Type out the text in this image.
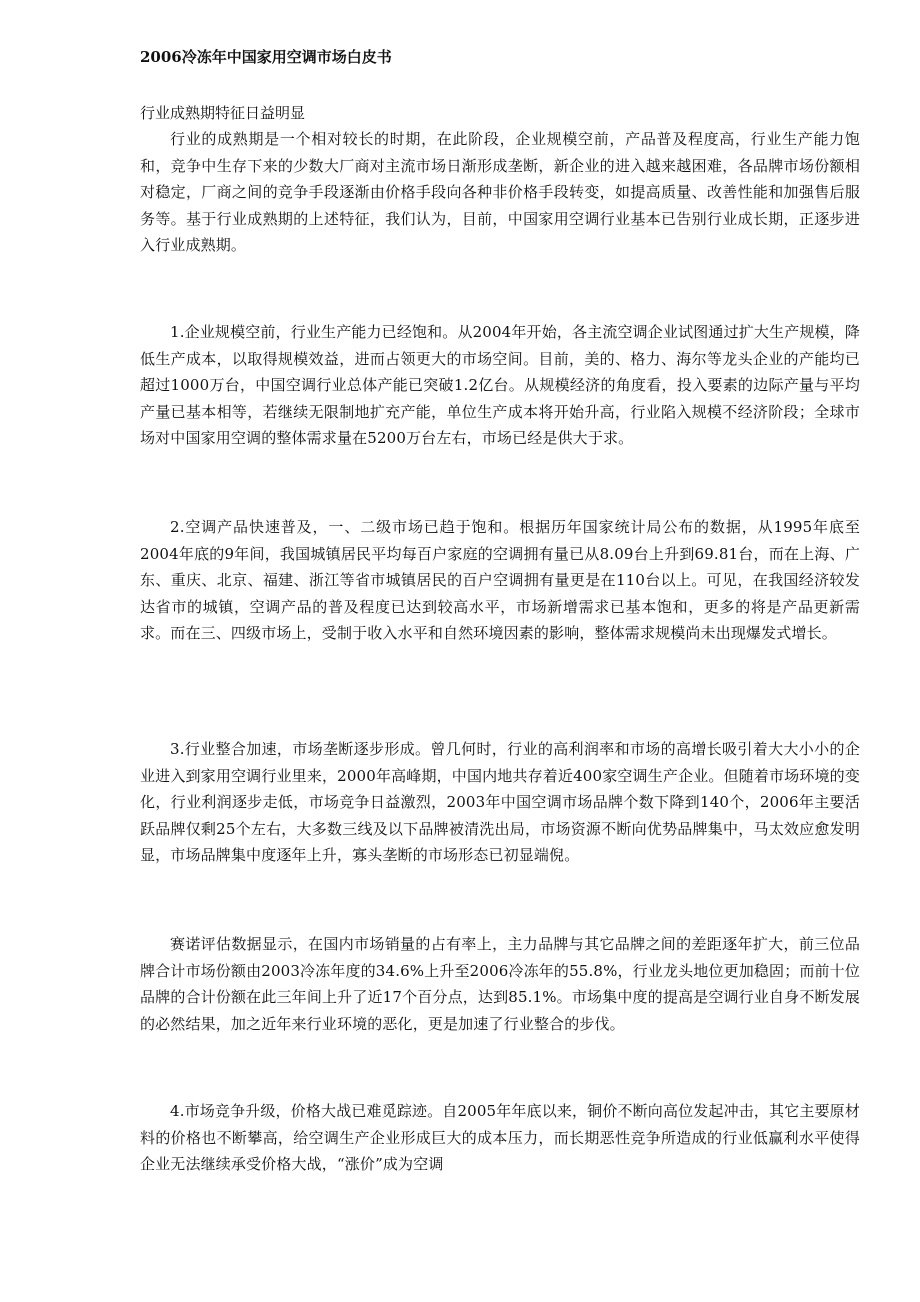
2006冷冻年中国家用空调市场白皮书
行业成熟期特征日益明显

行业的成熟期是一个相对较长的时期，在此阶段，企业规模空前，产品普及程度高，行业生产能力饱和，竞争中生存下来的少数大厂商对主流市场日渐形成垄断，新企业的进入越来越困难，各品牌市场份额相对稳定，厂商之间的竞争手段逐渐由价格手段向各种非价格手段转变，如提高质量、改善性能和加强售后服务等。基于行业成熟期的上述特征，我们认为，目前，中国家用空调行业基本已告别行业成长期，正逐步进入行业成熟期。

1.企业规模空前，行业生产能力已经饱和。从2004年开始，各主流空调企业试图通过扩大生产规模，降低生产成本，以取得规模效益，进而占领更大的市场空间。目前，美的、格力、海尔等龙头企业的产能均已超过1000万台，中国空调行业总体产能已突破1.2亿台。从规模经济的角度看，投入要素的边际产量与平均产量已基本相等，若继续无限制地扩充产能，单位生产成本将开始升高，行业陷入规模不经济阶段；全球市场对中国家用空调的整体需求量在5200万台左右，市场已经是供大于求。

2.空调产品快速普及，一、二级市场已趋于饱和。根据历年国家统计局公布的数据，从1995年底至2004年底的9年间，我国城镇居民平均每百户家庭的空调拥有量已从8.09台上升到69.81台，而在上海、广东、重庆、北京、福建、浙江等省市城镇居民的百户空调拥有量更是在110台以上。可见，在我国经济较发达省市的城镇，空调产品的普及程度已达到较高水平，市场新增需求已基本饱和，更多的将是产品更新需求。而在三、四级市场上，受制于收入水平和自然环境因素的影响，整体需求规模尚未出现爆发式增长。

3.行业整合加速，市场垄断逐步形成。曾几何时，行业的高利润率和市场的高增长吸引着大大小小的企业进入到家用空调行业里来，2000年高峰期，中国内地共存着近400家空调生产企业。但随着市场环境的变化，行业利润逐步走低，市场竞争日益激烈，2003年中国空调市场品牌个数下降到140个，2006年主要活跃品牌仅剩25个左右，大多数三线及以下品牌被清洗出局，市场资源不断向优势品牌集中，马太效应愈发明显，市场品牌集中度逐年上升，寡头垄断的市场形态已初显端倪。

赛诺评估数据显示，在国内市场销量的占有率上，主力品牌与其它品牌之间的差距逐年扩大，前三位品牌合计市场份额由2003冷冻年度的34.6%上升至2006冷冻年的55.8%，行业龙头地位更加稳固；而前十位品牌的合计份额在此三年间上升了近17个百分点，达到85.1%。市场集中度的提高是空调行业自身不断发展的必然结果，加之近年来行业环境的恶化，更是加速了行业整合的步伐。

4.市场竞争升级，价格大战已难觅踪迹。自2005年年底以来，铜价不断向高位发起冲击，其它主要原材料的价格也不断攀高，给空调生产企业形成巨大的成本压力，而长期恶性竞争所造成的行业低赢利水平使得企业无法继续承受价格大战，“涨价”成为空调
